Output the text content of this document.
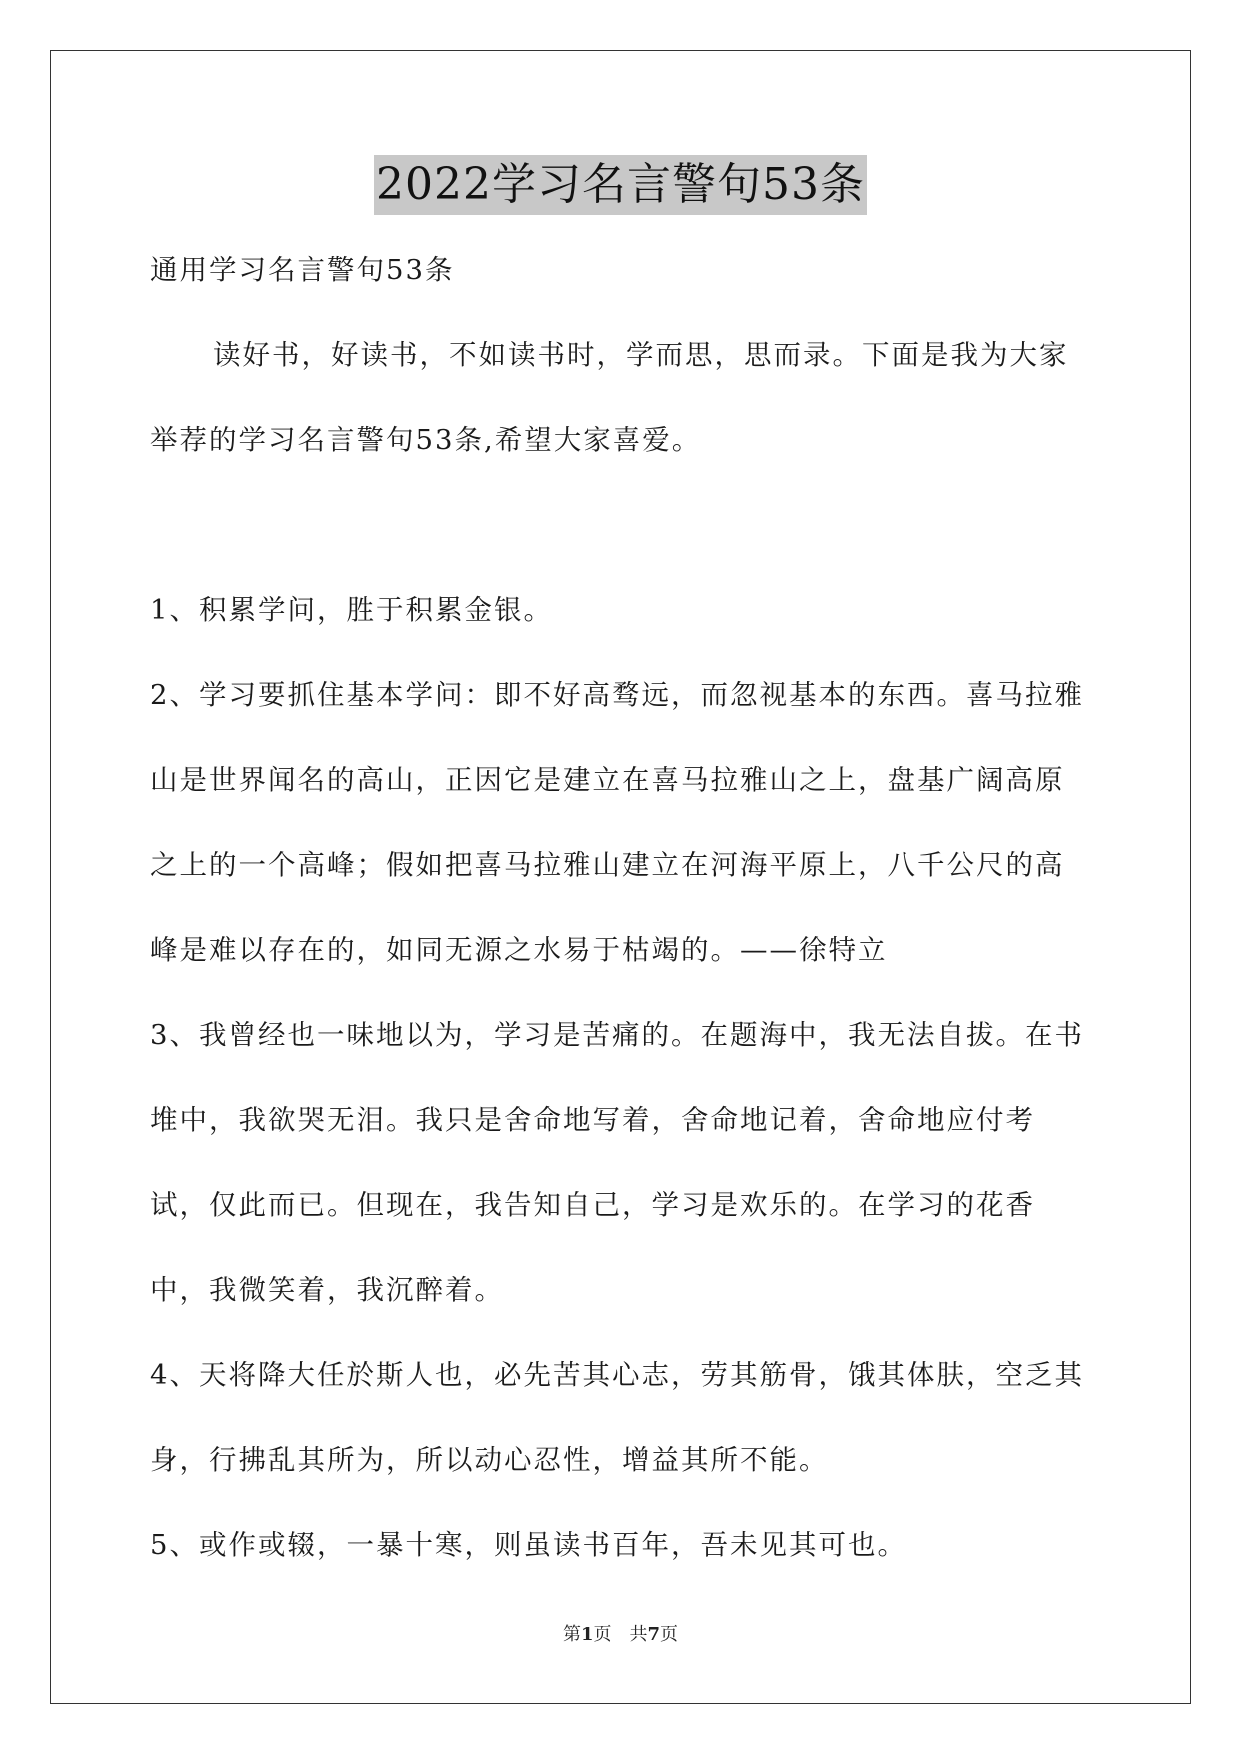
2022学习名言警句53条

通用学习名言警句53条

读好书，好读书，不如读书时，学而思，思而录。下面是我为大家举荐的学习名言警句53条,希望大家喜爱。

1、积累学问，胜于积累金银。

2、学习要抓住基本学问：即不好高骛远，而忽视基本的东西。喜马拉雅山是世界闻名的高山，正因它是建立在喜马拉雅山之上，盘基广阔高原之上的一个高峰；假如把喜马拉雅山建立在河海平原上，八千公尺的高峰是难以存在的，如同无源之水易于枯竭的。——徐特立

3、我曾经也一味地以为，学习是苦痛的。在题海中，我无法自拔。在书堆中，我欲哭无泪。我只是舍命地写着，舍命地记着，舍命地应付考试，仅此而已。但现在，我告知自己，学习是欢乐的。在学习的花香中，我微笑着，我沉醉着。

4、天将降大任於斯人也，必先苦其心志，劳其筋骨，饿其体肤，空乏其身，行拂乱其所为，所以动心忍性，增益其所不能。

5、或作或辍，一暴十寒，则虽读书百年，吾未见其可也。

第1页 共7页
